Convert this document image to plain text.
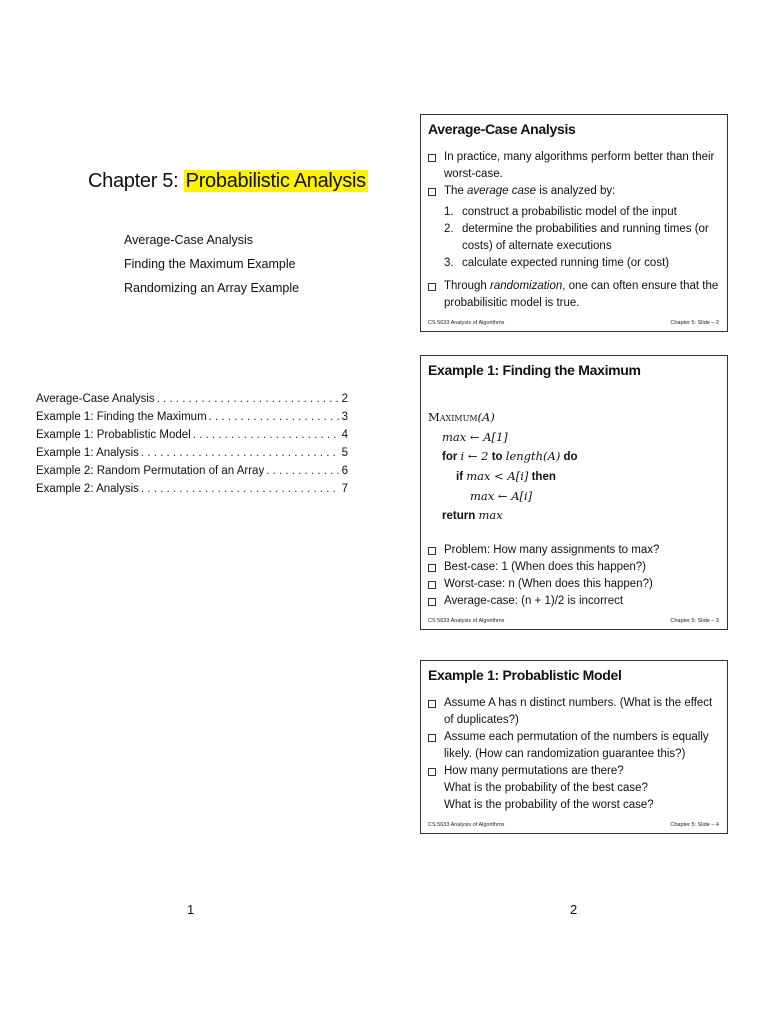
Chapter 5: Probabilistic Analysis
Average-Case Analysis
Finding the Maximum Example
Randomizing an Array Example
Average-Case Analysis . . .	2
Example 1: Finding the Maximum . . .	3
Example 1: Probablistic Model . . .	4
Example 1: Analysis . . .	5
Example 2: Random Permutation of an Array . . .	6
Example 2: Analysis . . .	7
1
Average-Case Analysis
In practice, many algorithms perform better than their worst-case.
The average case is analyzed by:
1. construct a probabilistic model of the input
2. determine the probabilities and running times (or costs) of alternate executions
3. calculate expected running time (or cost)
Through randomization, one can often ensure that the probabilisitic model is true.
CS 5633 Analysis of Algorithms	Chapter 5: Slide – 2
Example 1: Finding the Maximum
Maximum(A)
max ← A[1]
for i ← 2 to length(A) do
if max < A[i] then
max ← A[i]
return max
Problem: How many assignments to max?
Best-case: 1 (When does this happen?)
Worst-case: n (When does this happen?)
Average-case: (n + 1)/2 is incorrect
CS 5633 Analysis of Algorithms	Chapter 5: Slide – 3
Example 1: Probablistic Model
Assume A has n distinct numbers. (What is the effect of duplicates?)
Assume each permutation of the numbers is equally likely. (How can randomization guarantee this?)
How many permutations are there?
What is the probability of the best case?
What is the probability of the worst case?
CS 5633 Analysis of Algorithms	Chapter 5: Slide – 4
2
